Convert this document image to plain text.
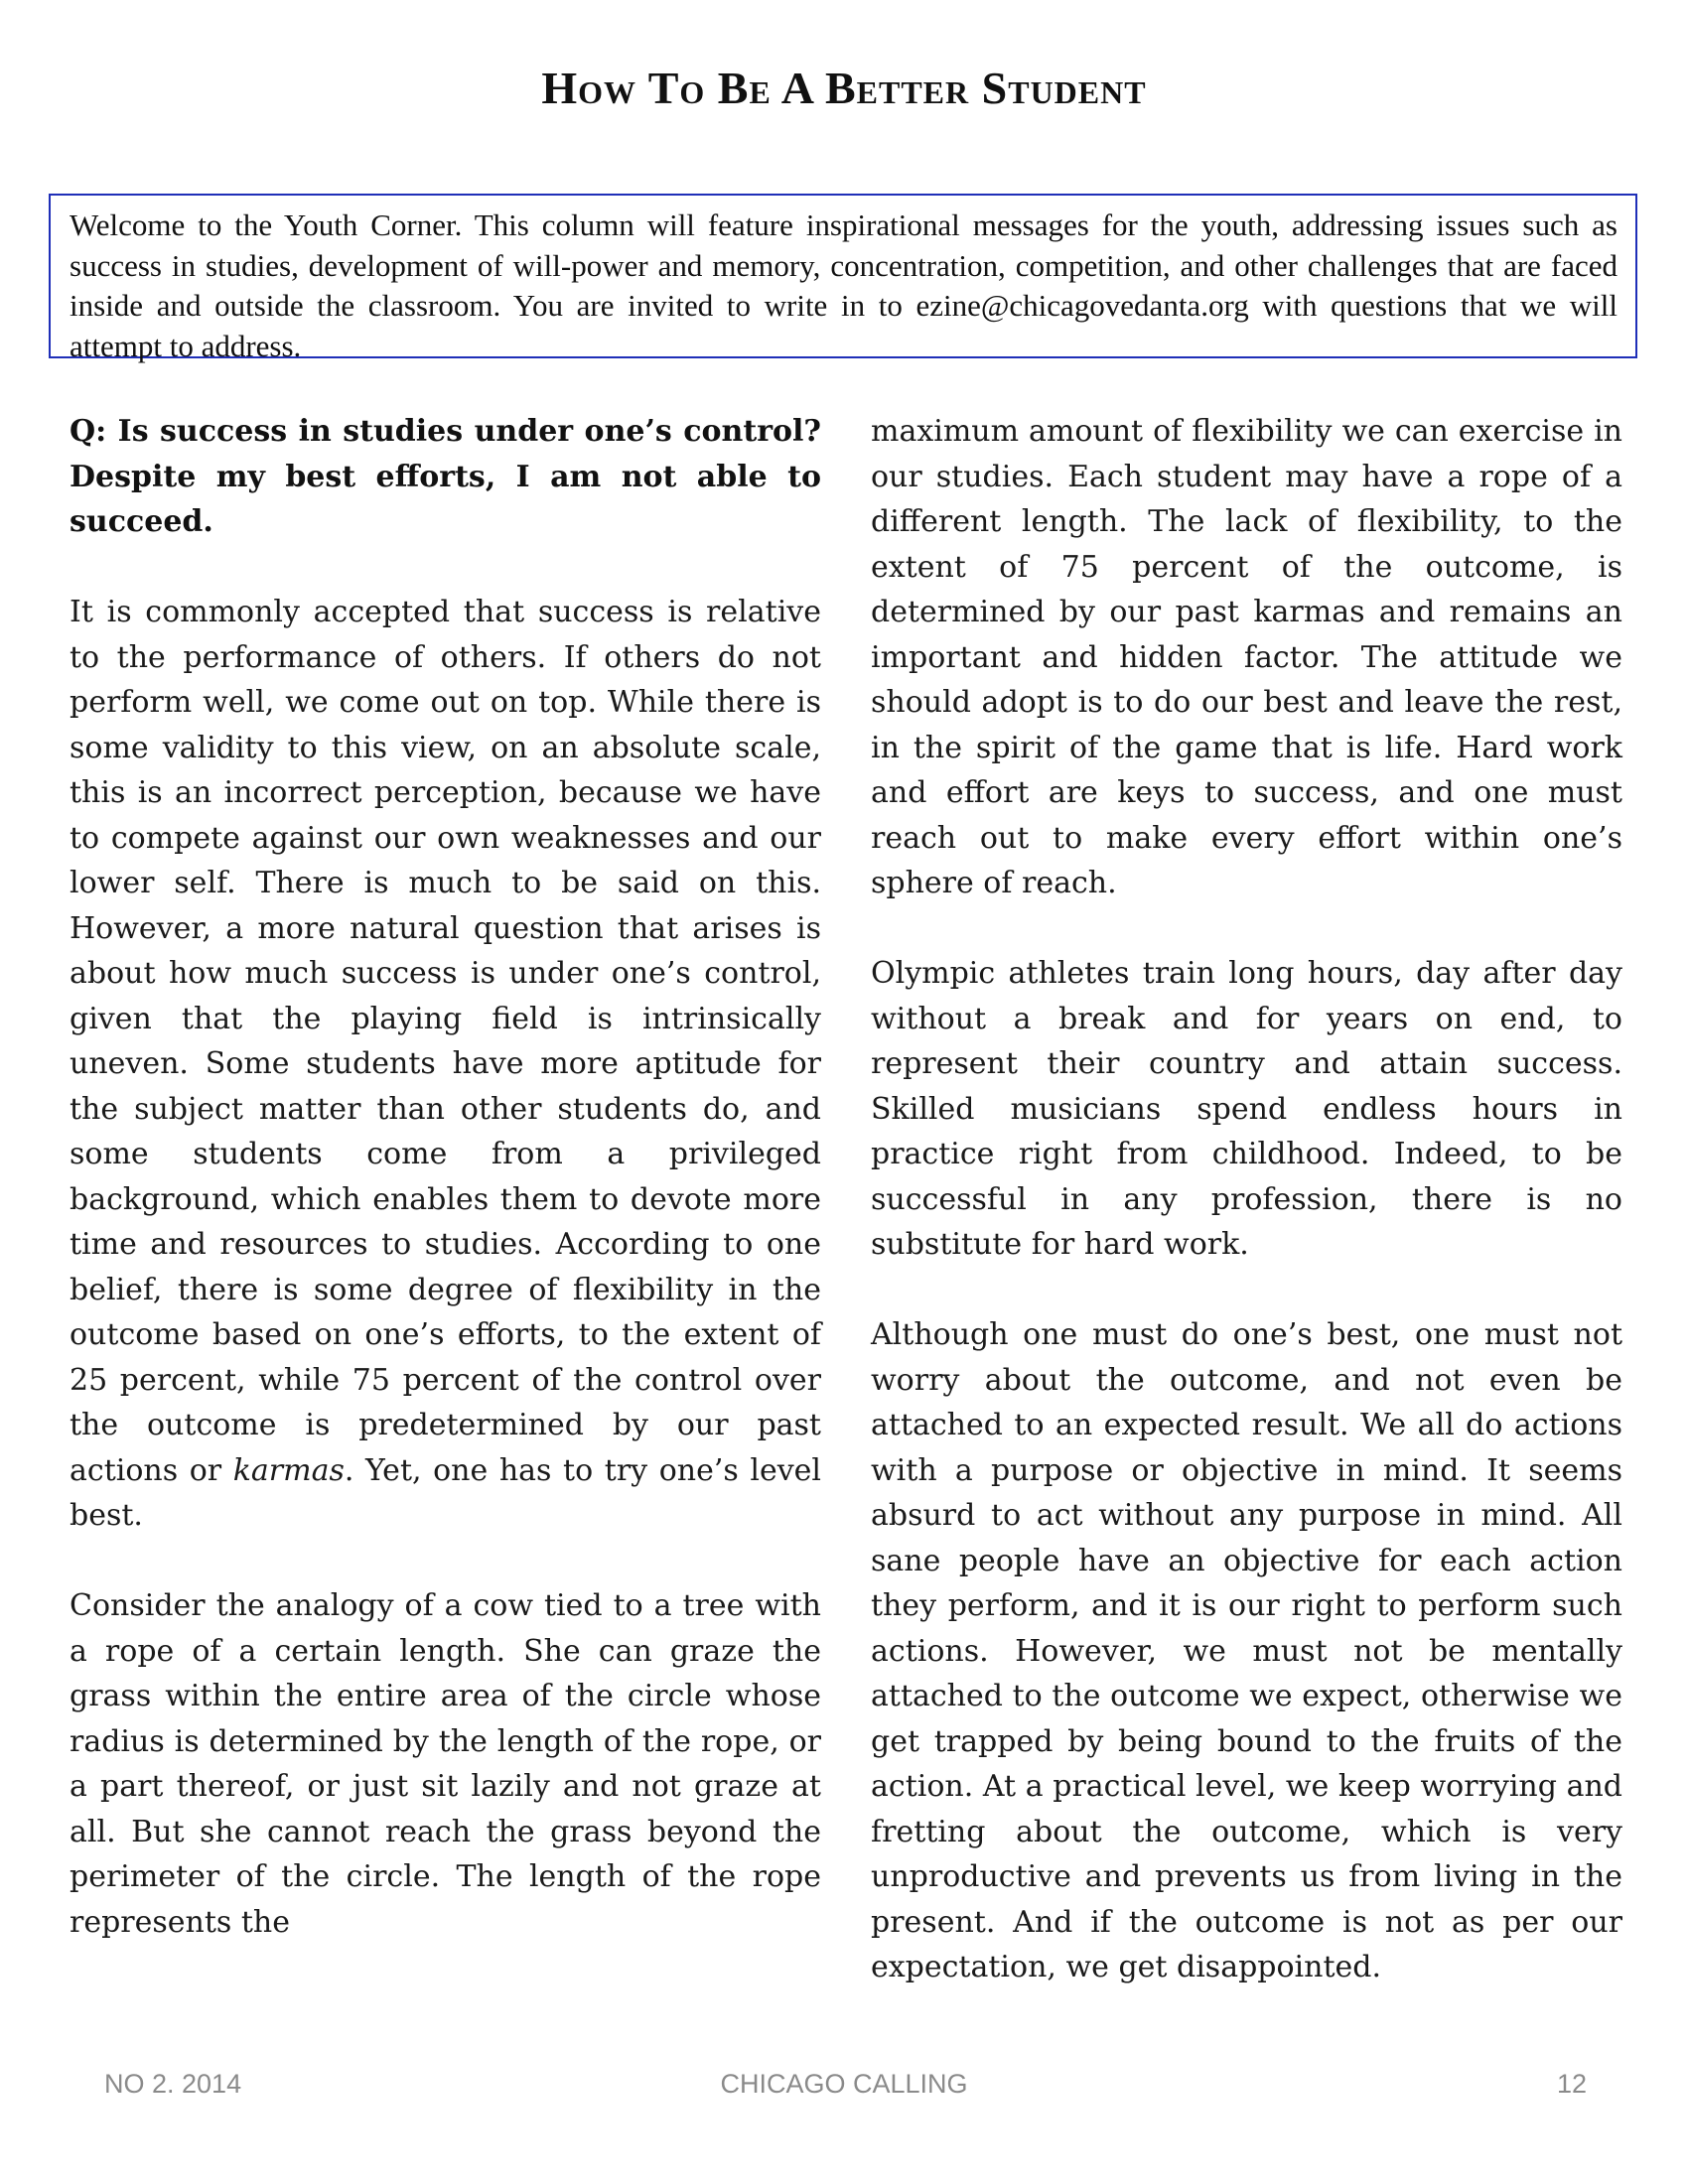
How To Be A Better Student
Welcome to the Youth Corner. This column will feature inspirational messages for the youth, addressing issues such as success in studies, development of will-power and memory, concentration, competition, and other challenges that are faced inside and outside the classroom. You are invited to write in to ezine@chicagovedanta.org with questions that we will attempt to address.

Q: Is success in studies under one’s control? Despite my best efforts, I am not able to succeed.

It is commonly accepted that success is relative to the performance of others. If others do not perform well, we come out on top. While there is some validity to this view, on an absolute scale, this is an incorrect perception, because we have to compete against our own weaknesses and our lower self. There is much to be said on this. However, a more natural question that arises is about how much success is under one’s control, given that the playing field is intrinsically uneven. Some students have more aptitude for the subject matter than other students do, and some students come from a privileged background, which enables them to devote more time and resources to studies. According to one belief, there is some degree of flexibility in the outcome based on one’s efforts, to the extent of 25 percent, while 75 percent of the control over the outcome is predetermined by our past actions or karmas. Yet, one has to try one’s level best.

Consider the analogy of a cow tied to a tree with a rope of a certain length. She can graze the grass within the entire area of the circle whose radius is determined by the length of the rope, or a part thereof, or just sit lazily and not graze at all. But she cannot reach the grass beyond the perimeter of the circle. The length of the rope represents the

maximum amount of flexibility we can exercise in our studies. Each student may have a rope of a different length. The lack of flexibility, to the extent of 75 percent of the outcome, is determined by our past karmas and remains an important and hidden factor. The attitude we should adopt is to do our best and leave the rest, in the spirit of the game that is life. Hard work and effort are keys to success, and one must reach out to make every effort within one’s sphere of reach.

Olympic athletes train long hours, day after day without a break and for years on end, to represent their country and attain success. Skilled musicians spend endless hours in practice right from childhood. Indeed, to be successful in any profession, there is no substitute for hard work.

Although one must do one’s best, one must not worry about the outcome, and not even be attached to an expected result. We all do actions with a purpose or objective in mind. It seems absurd to act without any purpose in mind. All sane people have an objective for each action they perform, and it is our right to perform such actions. However, we must not be mentally attached to the outcome we expect, otherwise we get trapped by being bound to the fruits of the action. At a practical level, we keep worrying and fretting about the outcome, which is very unproductive and prevents us from living in the present. And if the outcome is not as per our expectation, we get disappointed.

NO 2. 2014	CHICAGO CALLING	12
